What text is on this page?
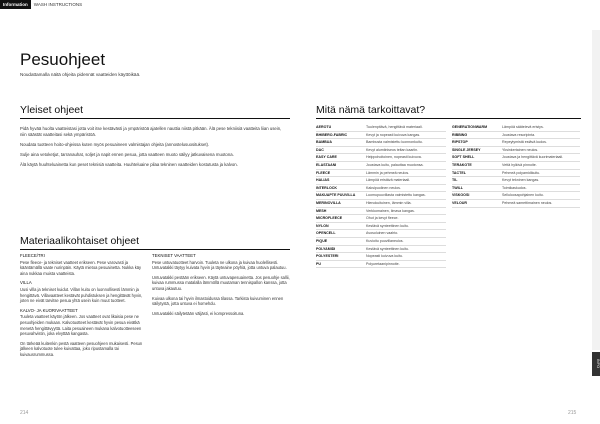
Information	WASH INSTRUCTIONS
Pesuohjeet
Noudattamalla näitä ohjeita pidennät vaatteiden käyttöikää.
Yleiset ohjeet

Pidä hyvää huolta vaatteistasi jotta voit itse kestävästi ja ympäristöä ajatellen nauttia niistä pitkään. Älä pese tekniisiä vaatteita liian usein, niin säästät vaatteitasi sekä ympäristöä.

Noudata tuotteen hoito-ohjeissa kuten myös pesuaineen valmistajan ohjeita (annostelusuositukset).

Sulje aina vetoketjut, tarranauhat, soljet ja napit ennen pesua, jotta vaatteen muoto säilyy jatkuvaisena muotona.

Älä käytä huuhteluainetta kun peset teknisiä vaatteita. Huuhteluaine pilaa tekninen vaatteiden kostutusta ja kalvon.

Materiaalikohtaiset ohjeet
FLEECE/TRI
Pese fleece- ja tekniset vaatteet erikseen. Pese varovasti ja kääntämällä vaate nurinpäin. Käytä mietoa pesuainetta. Nukka käy aina nukkaa muista vaatteista.
VILLA
Uusi villa ja tekniset kuidut. Villan kuitu on luonnollisesti lämmin ja hengittävä. Villavaatteet kestävät puhdistuksen ja hengittävät hyvin, joten ne eivät tarvitse pesua yhtä usein kuin muut tuotteet.
KALVO- JA KUORIVAATTEET
Tuuleta vaatteet käytön jälkeen. Jos vaatteet ovat likaisia pese ne pesuohjeiden mukaan. Kalvotuotteet kestävät hyvin pesua eivätkä menetä hengittävyyttä. Laita pesuaineen mukana kalvotuotteeseen pesuvahvistin, joka elvyttää kangasta.
On tärkeää kuitenkin pestä vaatteen pesuohjeen mukaisesti. Pesun jälkeen kalvotuote tulee kuivattaa, joko ripustamalla tai kuivausrummussa.
TEKNISET VAATTEET
Pese untuvatuotteet harvoin. Tuuleta ne ulkona ja kuivaa huolellisesti. Untuvatakki täytyy kuivata hyvin ja täyteaine pöyhiä, jotta untuva palautuu.
Untuvatakki pestään erikseen. Käytä untuvapesuainetta. Jos pesuohje sallii, kuivaa rummussa matalalla lämmöllä muutaman tennispallon kanssa, jotta untuva jakautuu.
Kuivaa ulkona tai hyvin ilmastoidussa tilassa. Tarkista kuivuminen ennen säilytystä, jotta untuva ei homehdu.
Untuvatakki säilytetään väljästi, ei kompressoituna.
214
Mitä nämä tarkoittavat?
AEROTU	Tuulenpitävä, hengittävä materiaali.
BHIBERO-FABRIC	Kevyt ja nopeasti kuivuva kangas.
BAMBUA	Bambusta valmistettu luonnonkuitu.
DAC	Kevyt alumiiniseos teltan kaariin.
EASY CARE	Helppohoitoinen, nopeasti kuivuva.
ELASTAANI	Joustava kuitu, palauttaa muotonsa.
FLEECE	Lämmin ja pehmeä neulos.
HALIAS	Lämpöä eristävä materiaali.
INTERLOCK	Kaksipuolinen neulos.
MAKUAPTE PUUVILLA	Luomupuuvillasta valmistettu kangas.
MERINOVILLA	Hienokuituinen, lämmin villa.
MESH	Verkkomainen, ilmava kangas.
MICROFLEECE	Ohut ja kevyt fleece.
NYLON	Kestävä synteettinen kuitu.
OPENCELL	Avosoluinen vaahto.
PIQUE	Kuvioitu puuvillaneulos.
POLYAMIDI	Kestävä synteettinen kuitu.
POLYESTERI	Nopeasti kuivuva kuitu.
PU	Polyuretaanipinnoite.
GENERATIONWARM	Lämpöä säätelevä eristys.
RIBBING	Joustava resoripinta.
RIPSTOP	Repeytymistä estävä kudos.
SINGLE JERSEY	Yksinkertainen neulos.
SOFT SHELL	Joustava ja hengittävä kuorimateriaali.
TERAKOTE	Vettä hylkivä pinnoite.
TACTEL	Pehmeä polyamidikuitu.
TIL	Kevyt tekninen kangas.
TWILL	Toimikaskudos.
VISKOOSI	Selluloosapohjainen kuitu.
VELOUR	Pehmeä samettimainen neulos.
215
INFO
